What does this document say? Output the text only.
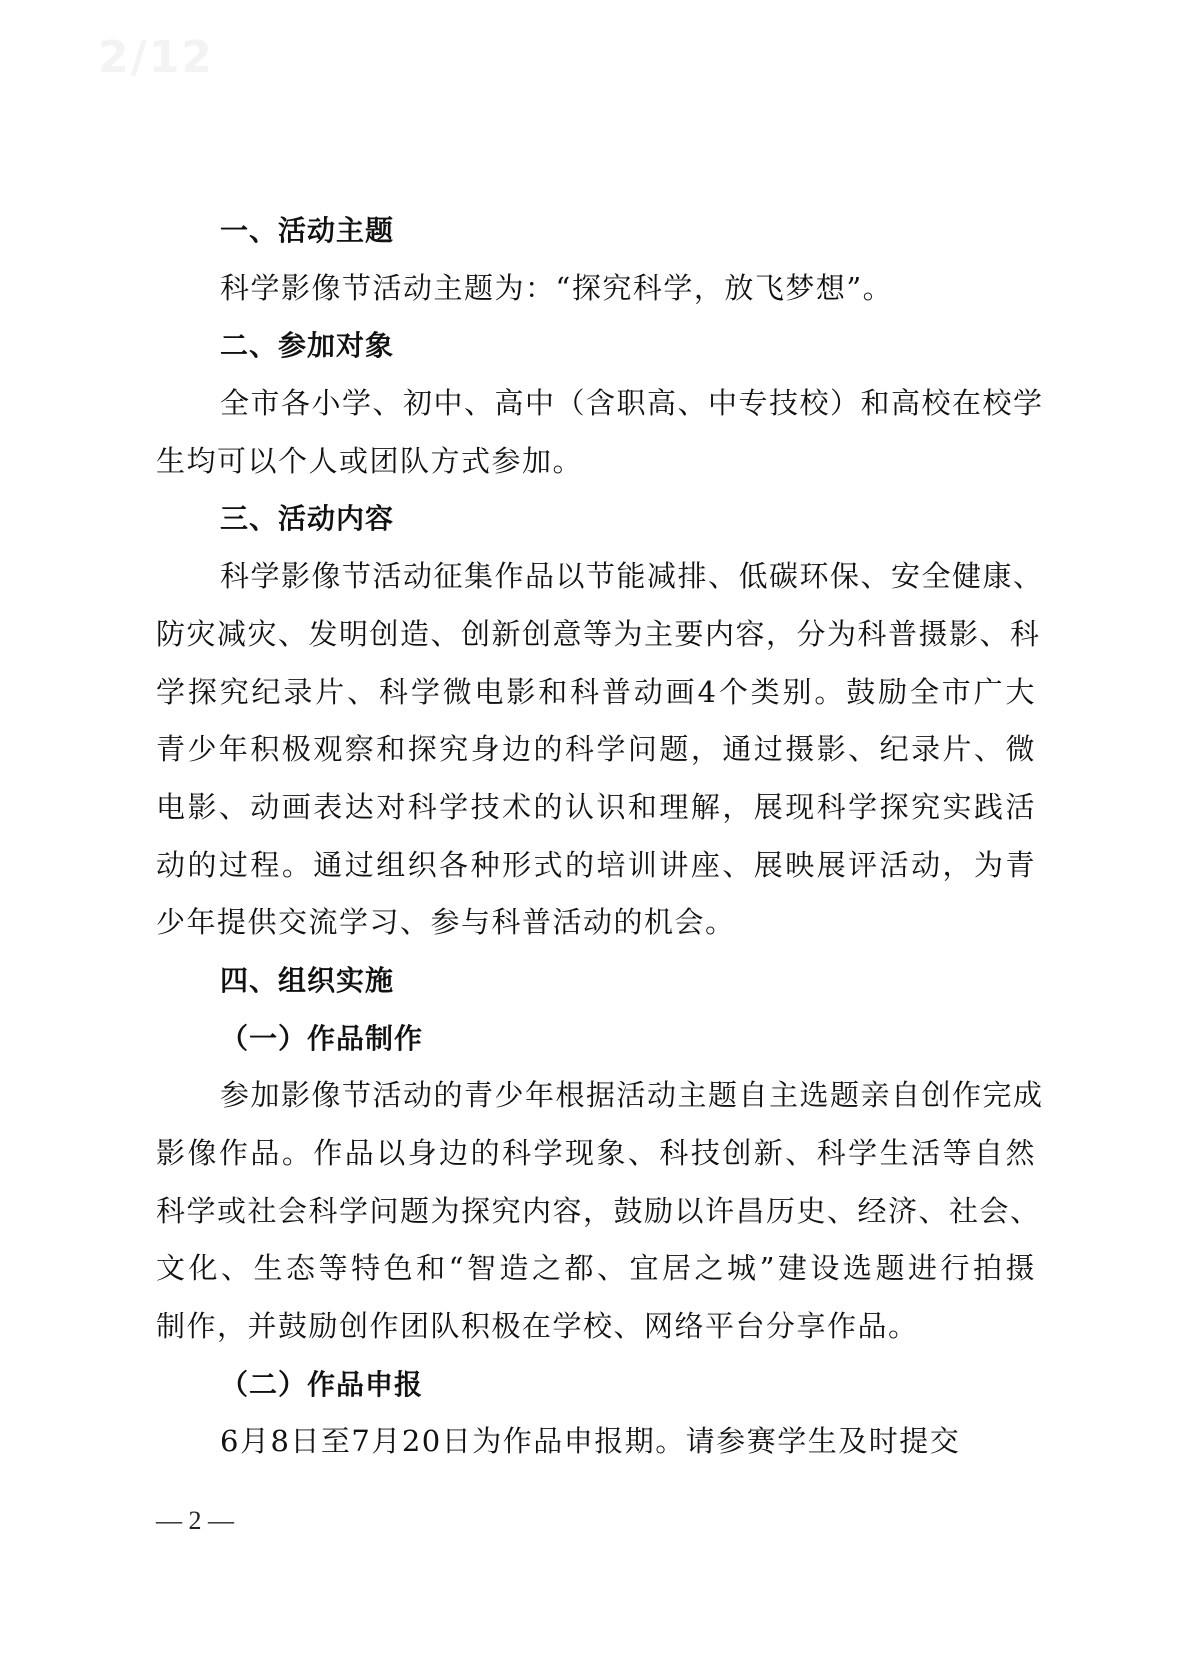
2/12
一、活动主题
科学影像节活动主题为：“探究科学，放飞梦想”。
二、参加对象
全市各小学、初中、高中（含职高、中专技校）和高校在校学
生均可以个人或团队方式参加。
三、活动内容
科学影像节活动征集作品以节能减排、低碳环保、安全健康、
防灾减灾、发明创造、创新创意等为主要内容，分为科普摄影、科
学探究纪录片、科学微电影和科普动画4个类别。鼓励全市广大
青少年积极观察和探究身边的科学问题，通过摄影、纪录片、微
电影、动画表达对科学技术的认识和理解，展现科学探究实践活
动的过程。通过组织各种形式的培训讲座、展映展评活动，为青
少年提供交流学习、参与科普活动的机会。
四、组织实施
（一）作品制作
参加影像节活动的青少年根据活动主题自主选题亲自创作完成
影像作品。作品以身边的科学现象、科技创新、科学生活等自然
科学或社会科学问题为探究内容，鼓励以许昌历史、经济、社会、
文化、生态等特色和“智造之都、宜居之城”建设选题进行拍摄
制作，并鼓励创作团队积极在学校、网络平台分享作品。
（二）作品申报
6月8日至7月20日为作品申报期。请参赛学生及时提交
— 2 —
